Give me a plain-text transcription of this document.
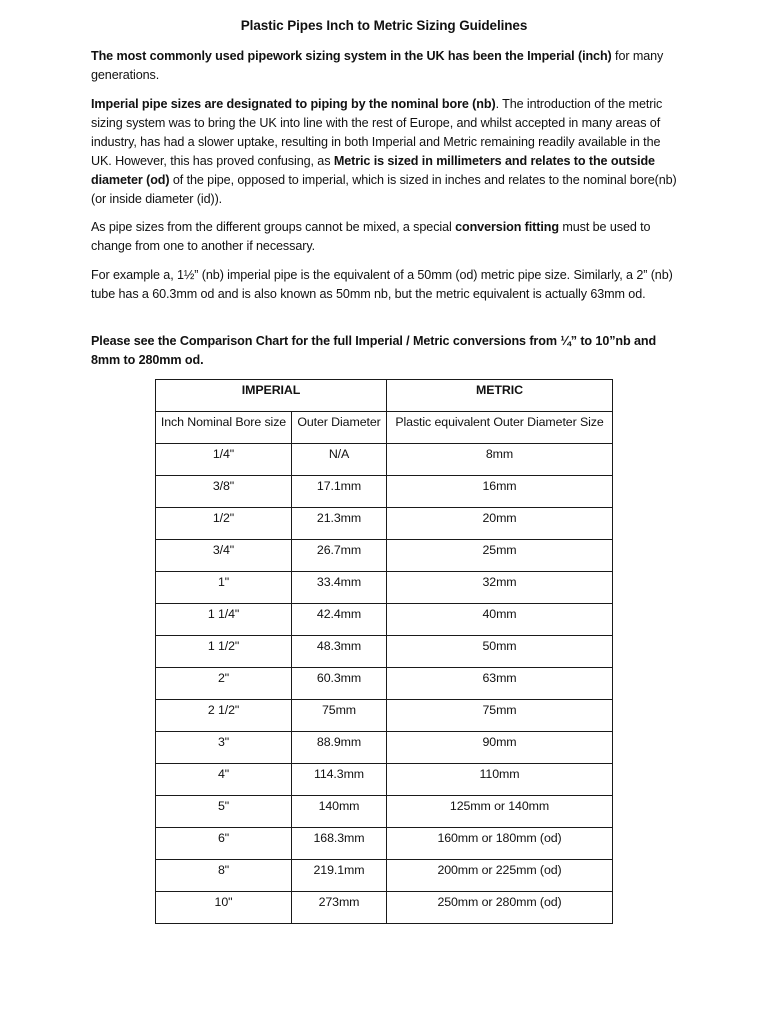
Plastic Pipes Inch to Metric Sizing Guidelines
The most commonly used pipework sizing system in the UK has been the Imperial (inch) for many generations.
Imperial pipe sizes are designated to piping by the nominal bore (nb). The introduction of the metric sizing system was to bring the UK into line with the rest of Europe, and whilst accepted in many areas of industry, has had a slower uptake, resulting in both Imperial and Metric remaining readily available in the UK. However, this has proved confusing, as Metric is sized in millimeters and relates to the outside diameter (od) of the pipe, opposed to imperial, which is sized in inches and relates to the nominal bore(nb) (or inside diameter (id)).
As pipe sizes from the different groups cannot be mixed, a special conversion fitting must be used to change from one to another if necessary.
For example a, 1½” (nb) imperial pipe is the equivalent of a 50mm (od) metric pipe size. Similarly, a 2” (nb) tube has a 60.3mm od and is also known as 50mm nb, but the metric equivalent is actually 63mm od.
Please see the Comparison Chart for the full Imperial / Metric conversions from ¼” to 10”nb and 8mm to 280mm od.
IMPERIAL		METRIC
Inch Nominal Bore size	Outer Diameter	Plastic equivalent Outer Diameter Size
1/4"	N/A	8mm
3/8"	17.1mm	16mm
1/2"	21.3mm	20mm
3/4"	26.7mm	25mm
1"	33.4mm	32mm
1 1/4"	42.4mm	40mm
1 1/2"	48.3mm	50mm
2"	60.3mm	63mm
2 1/2"	75mm	75mm
3"	88.9mm	90mm
4"	114.3mm	110mm
5"	140mm	125mm or 140mm
6"	168.3mm	160mm or 180mm (od)
8"	219.1mm	200mm or 225mm (od)
10"	273mm	250mm or 280mm (od)
